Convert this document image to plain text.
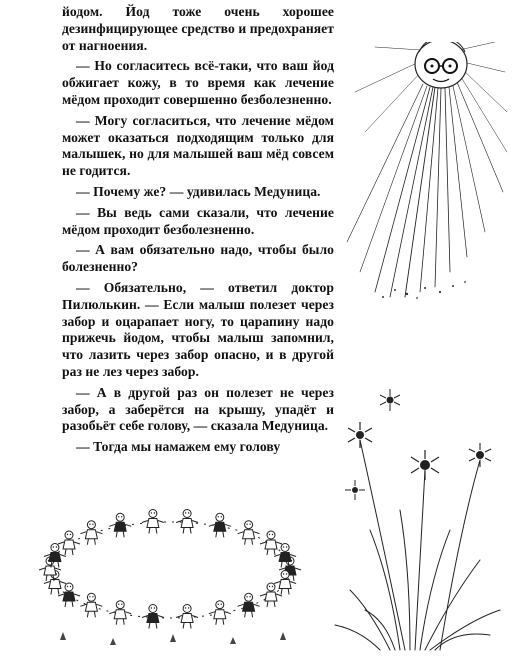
йодом. Йод тоже очень хорошее дезинфицирующее средство и предохраняет от нагноения.

— Но согласитесь всё-таки, что ваш йод обжигает кожу, в то время как лечение мёдом проходит совершенно безболезненно.

— Могу согласиться, что лечение мёдом может оказаться подходящим только для малышек, но для малышей ваш мёд совсем не годится.

— Почему же? — удивилась Медуница.

— Вы ведь сами сказали, что лечение мёдом проходит безболезненно.

— А вам обязательно надо, чтобы было болезненно?

— Обязательно, — ответил доктор Пилюлькин. — Если малыш полезет через забор и оцарапает ногу, то царапину надо прижечь йодом, чтобы малыш запомнил, что лазить через забор опасно, и в другой раз не лез через забор.

— А в другой раз он полезет не через забор, а заберётся на крышу, упадёт и разобьёт себе голову, — сказала Медуница.

— Тогда мы намажем ему голову
